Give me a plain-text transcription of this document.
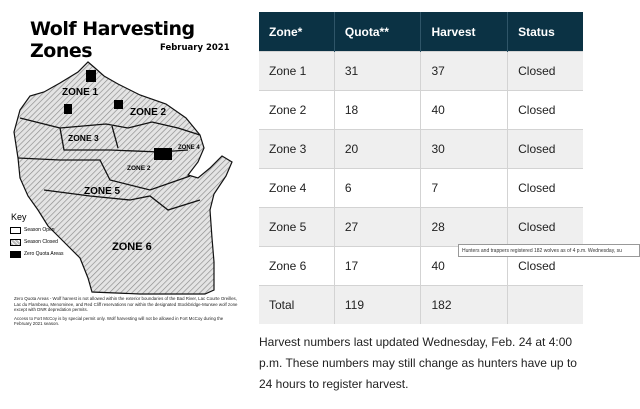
Wolf Harvesting Zones	February 2021
ZONE 1
ZONE 2
ZONE 3
ZONE 4
ZONE 5
ZONE 6
ZONE 2
Key
Season Open
Season Closed
Zero Quota Areas

Zero Quota Areas - Wolf harvest is not allowed within the exterior boundaries of the Bad River, Lac Courte Oreilles, Lac du Flambeau, Menominee, and Red Cliff reservations nor within the designated Stockbridge-Munsee wolf zone except with DNR depredation permits.

Access to Fort McCoy is by special permit only. Wolf harvesting will not be allowed in Fort McCoy during the February 2021 season.

Zone*	Quota**	Harvest	Status
Zone 1	31	37	Closed
Zone 2	18	40	Closed
Zone 3	20	30	Closed
Zone 4	6	7	Closed
Zone 5	27	28	Closed
Zone 6	17	40	Closed
Total	119	182	
Hunters and trappers registered 182 wolves as of 4 p.m. Wednesday, su
Harvest numbers last updated Wednesday, Feb. 24 at 4:00 p.m. These numbers may still change as hunters have up to 24 hours to register harvest.
